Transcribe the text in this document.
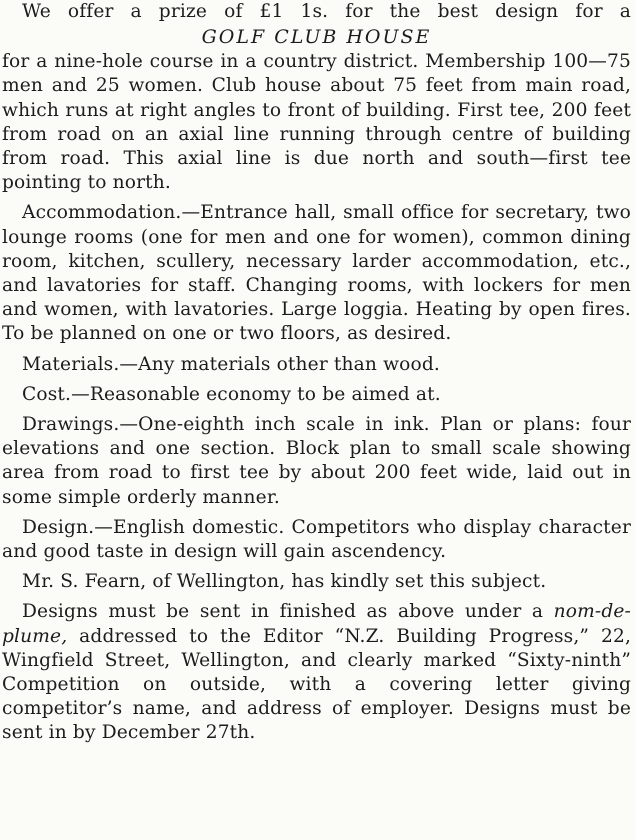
We offer a prize of £1 1s. for the best design for a

GOLF CLUB HOUSE

for a nine-hole course in a country district. Membership 100—75 men and 25 women. Club house about 75 feet from main road, which runs at right angles to front of building. First tee, 200 feet from road on an axial line running through centre of building from road. This axial line is due north and south—first tee pointing to north.

Accommodation.—Entrance hall, small office for secretary, two lounge rooms (one for men and one for women), common dining room, kitchen, scullery, necessary larder accommodation, etc., and lavatories for staff. Changing rooms, with lockers for men and women, with lavatories. Large loggia. Heating by open fires. To be planned on one or two floors, as desired.

Materials.—Any materials other than wood.

Cost.—Reasonable economy to be aimed at.

Drawings.—One-eighth inch scale in ink. Plan or plans: four elevations and one section. Block plan to small scale showing area from road to first tee by about 200 feet wide, laid out in some simple orderly manner.

Design.—English domestic. Competitors who display character and good taste in design will gain ascendency.

Mr. S. Fearn, of Wellington, has kindly set this subject.

Designs must be sent in finished as above under a nom-de-plume, addressed to the Editor “N.Z. Building Progress,” 22, Wingfield Street, Wellington, and clearly marked “Sixty-ninth” Competition on outside, with a covering letter giving competitor’s name, and address of employer. Designs must be sent in by December 27th.
